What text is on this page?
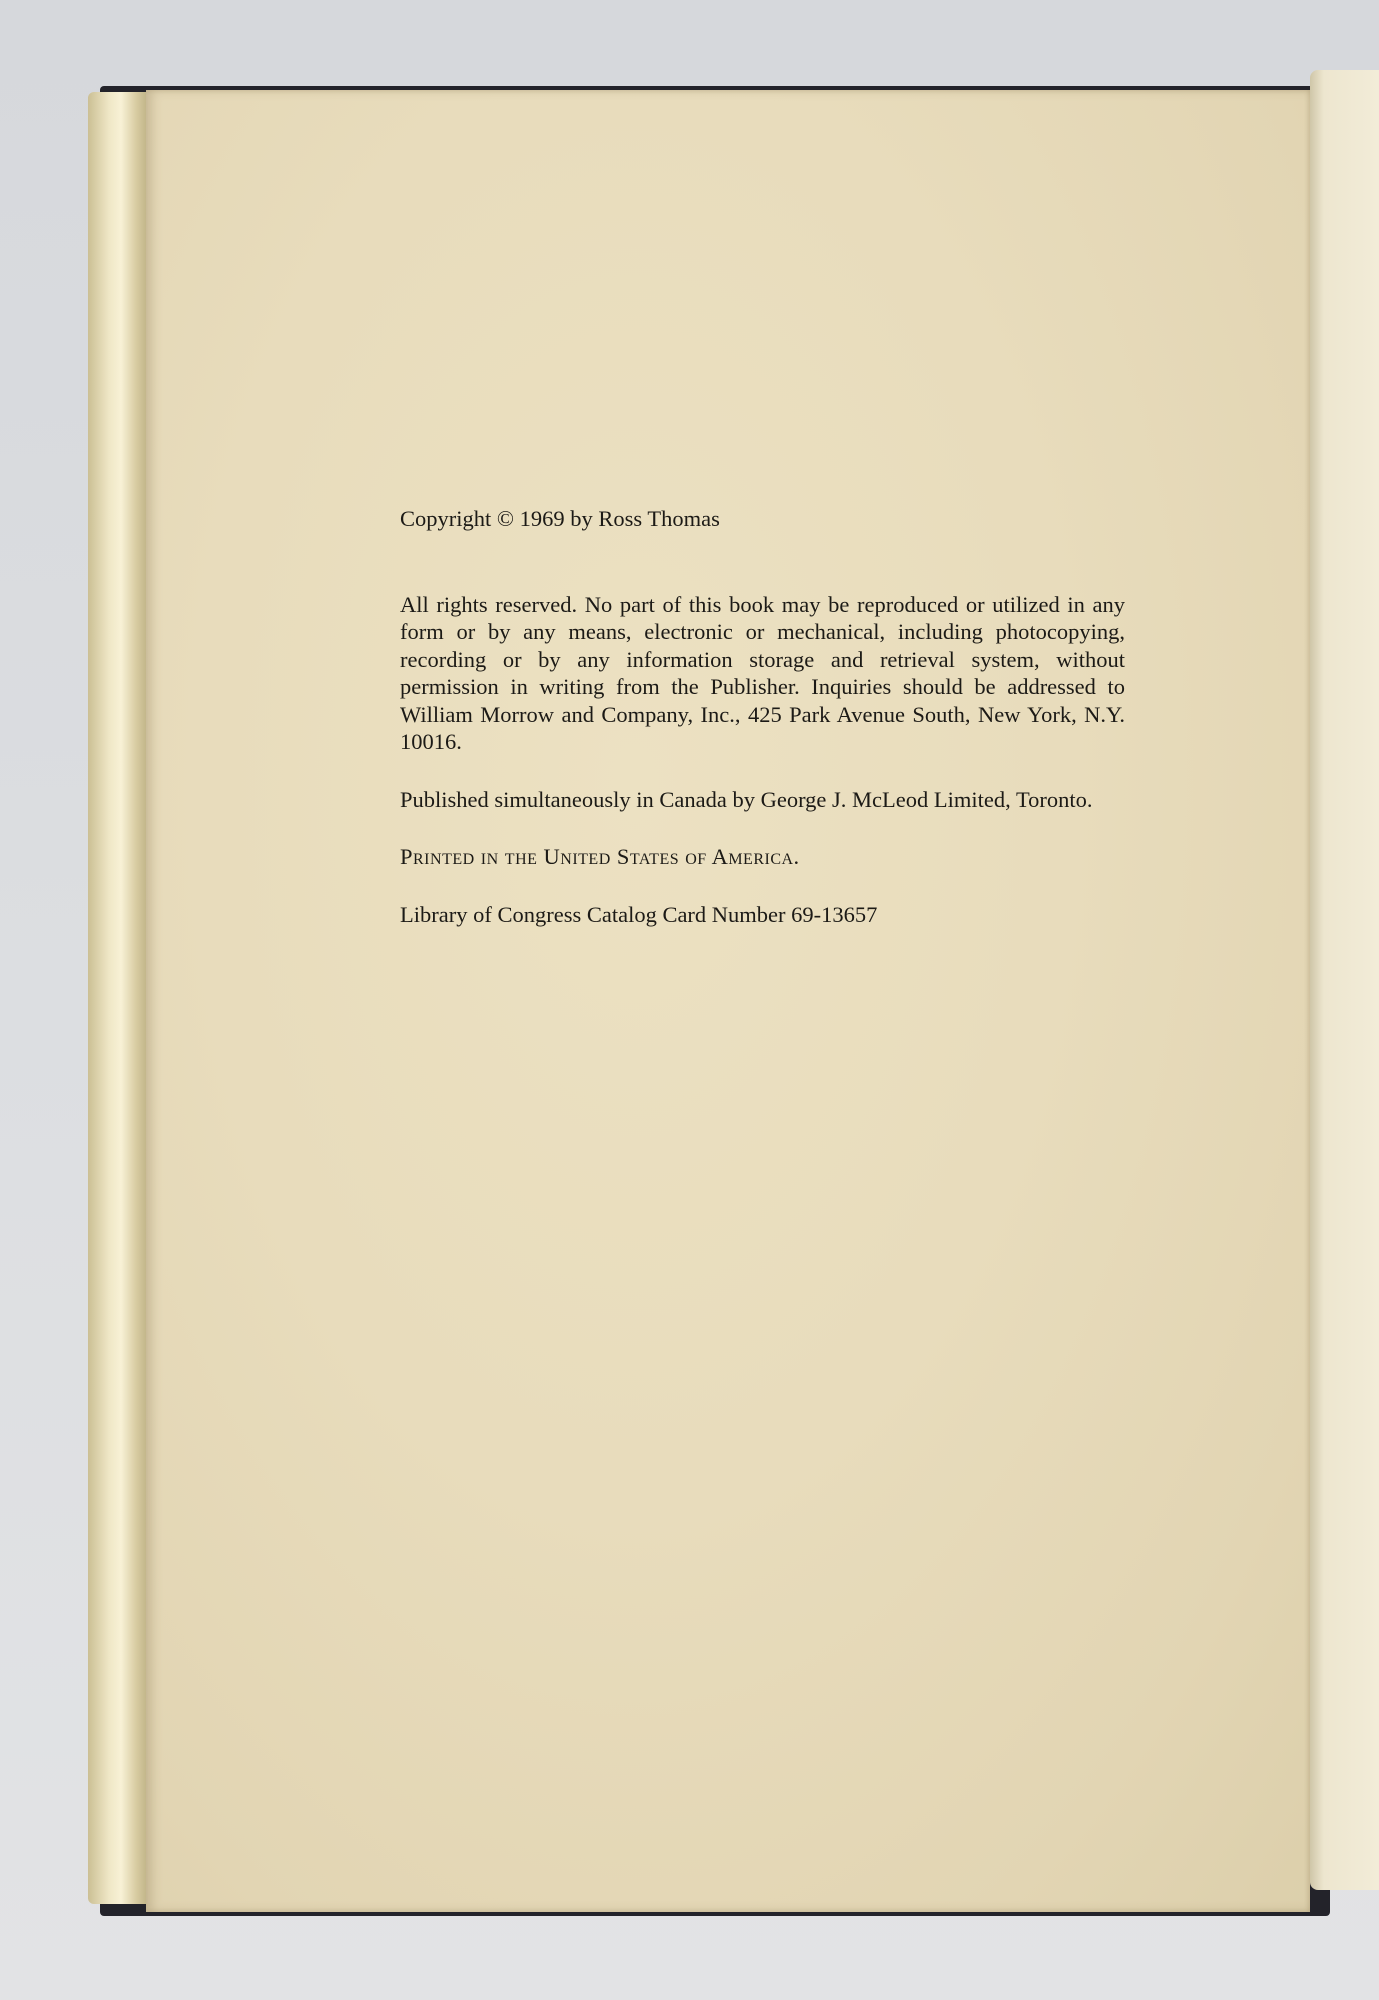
Copyright © 1969 by Ross Thomas

All rights reserved. No part of this book may be reproduced or utilized in any form or by any means, electronic or mechanical, including photocopying, recording or by any information storage and retrieval system, without permission in writing from the Publisher. Inquiries should be addressed to William Morrow and Company, Inc., 425 Park Avenue South, New York, N.Y. 10016.

Published simultaneously in Canada by George J. McLeod Limited, Toronto.

Printed in the United States of America.

Library of Congress Catalog Card Number 69-13657
